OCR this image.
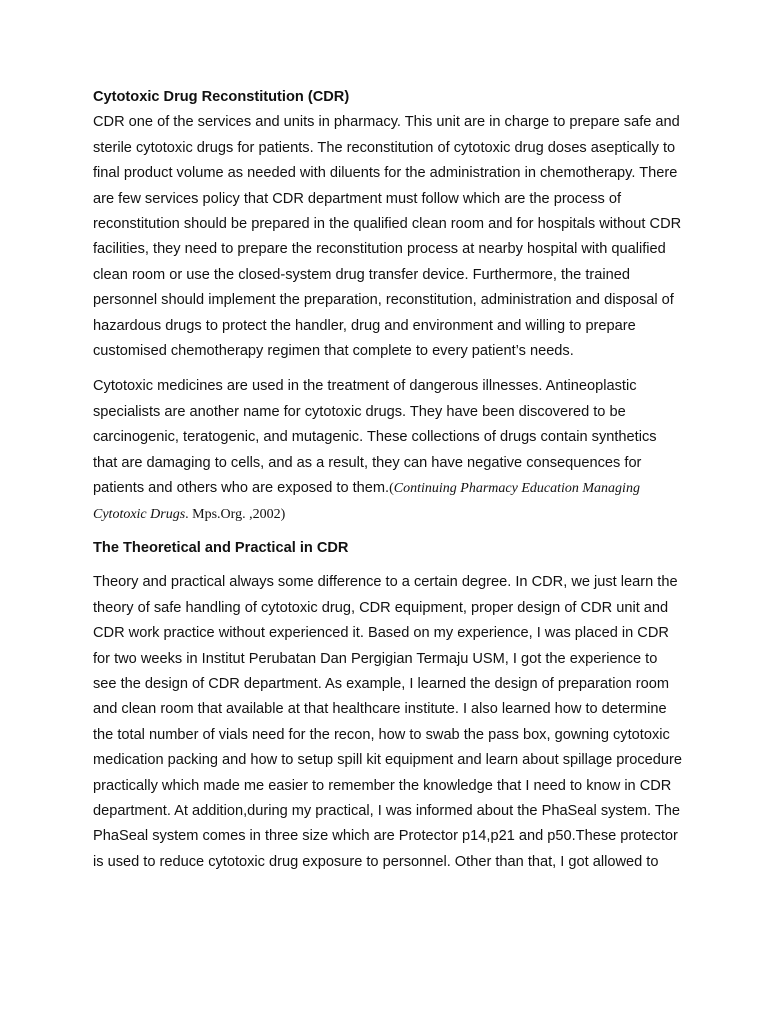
Cytotoxic Drug Reconstitution (CDR)

CDR one of the services and units in pharmacy. This unit are in charge to prepare safe and sterile cytotoxic drugs for patients. The reconstitution of cytotoxic drug doses aseptically to final product volume as needed with diluents for the administration in chemotherapy. There are few services policy that CDR department must follow which are the process of reconstitution should be prepared in the qualified clean room and for hospitals without CDR facilities, they need to prepare the reconstitution process at nearby hospital with qualified clean room or use the closed-system drug transfer device. Furthermore, the trained personnel should implement the preparation, reconstitution, administration and disposal of hazardous drugs to protect the handler, drug and environment and willing to prepare customised chemotherapy regimen that complete to every patient’s needs.

Cytotoxic medicines are used in the treatment of dangerous illnesses. Antineoplastic specialists are another name for cytotoxic drugs. They have been discovered to be carcinogenic, teratogenic, and mutagenic. These collections of drugs contain synthetics that are damaging to cells, and as a result, they can have negative consequences for patients and others who are exposed to them.(Continuing Pharmacy Education Managing Cytotoxic Drugs. Mps.Org. ,2002)

The Theoretical and Practical in CDR

Theory and practical always some difference to a certain degree. In CDR, we just learn the theory of safe handling of cytotoxic drug, CDR equipment, proper design of CDR unit and CDR work practice without experienced it. Based on my experience, I was placed in CDR for two weeks in Institut Perubatan Dan Pergigian Termaju USM, I got the experience to see the design of CDR department. As example, I learned the design of preparation room and clean room that available at that healthcare institute. I also learned how to determine the total number of vials need for the recon, how to swab the pass box, gowning cytotoxic medication packing and how to setup spill kit equipment and learn about spillage procedure practically which made me easier to remember the knowledge that I need to know in CDR department. At addition,during my practical, I was informed about the PhaSeal system. The PhaSeal system comes in three size which are Protector p14,p21 and p50.These protector is used to reduce cytotoxic drug exposure to personnel. Other than that, I got allowed to
